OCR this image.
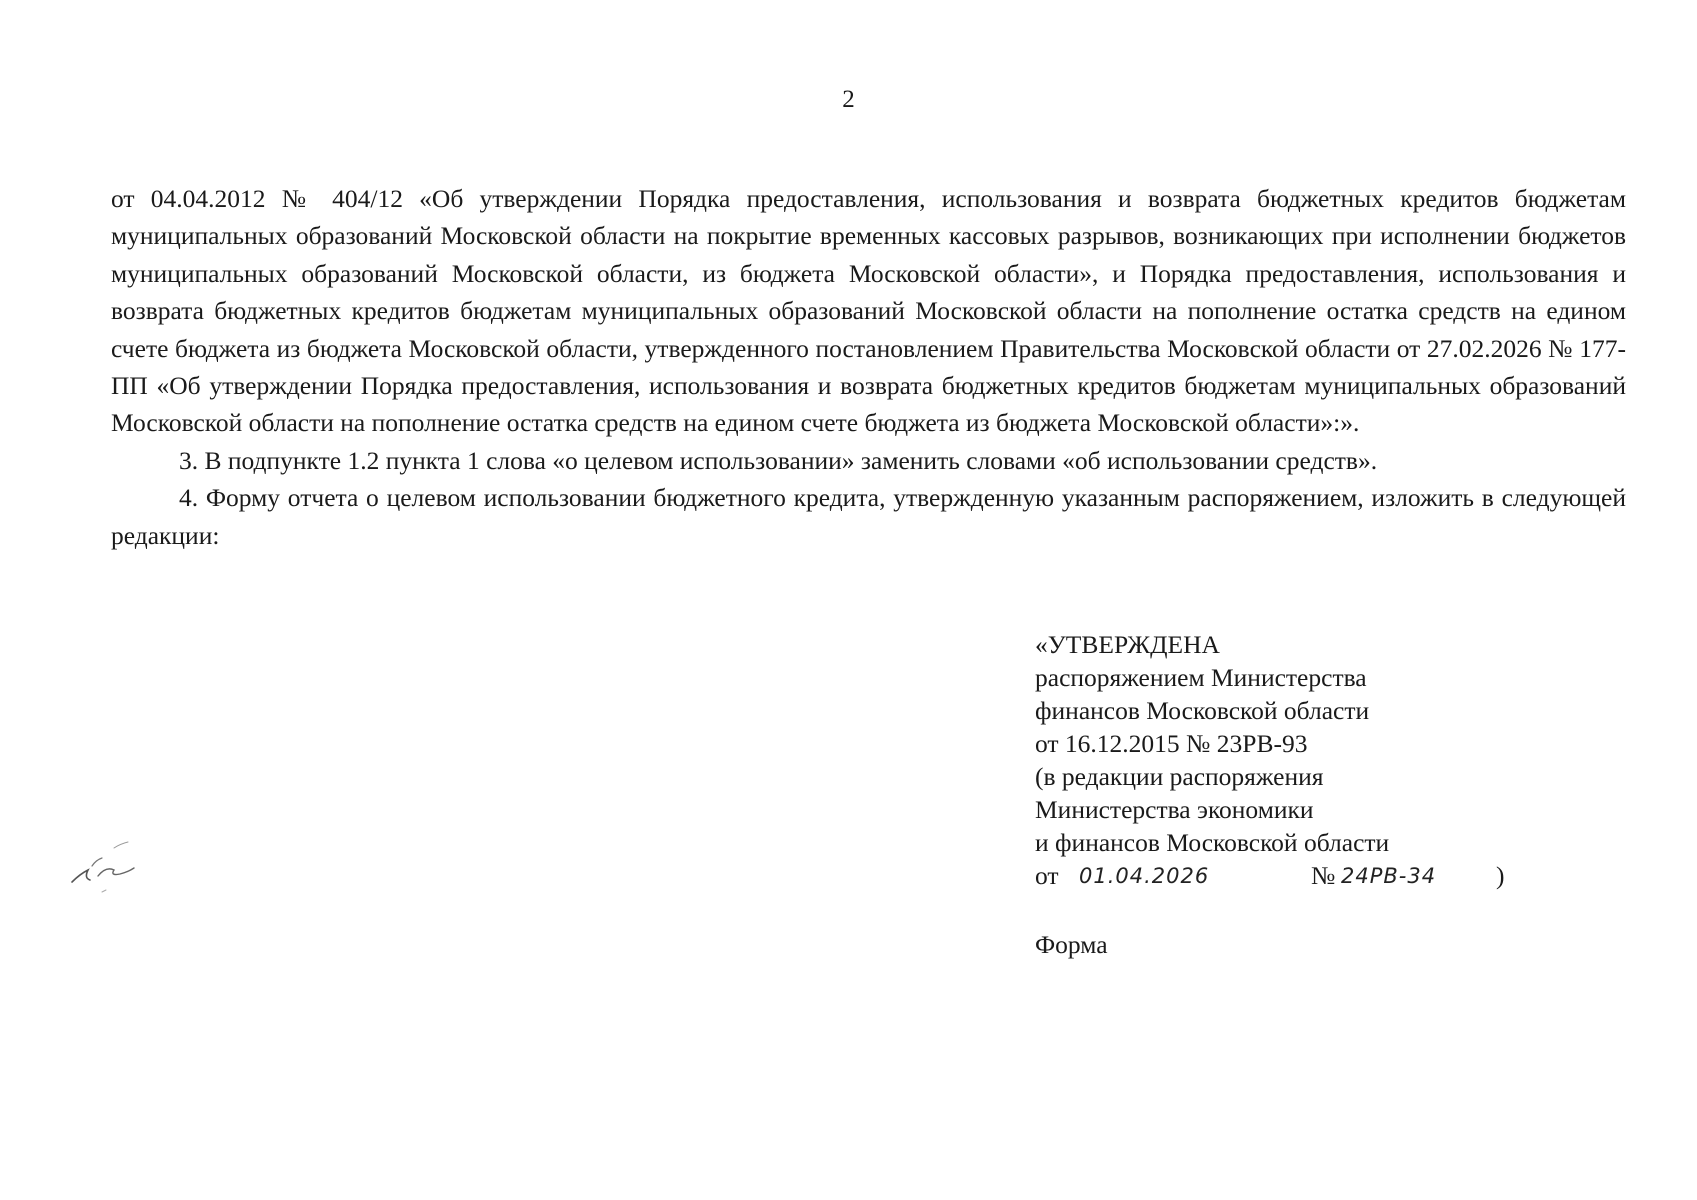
2

от 04.04.2012 № 404/12 «Об утверждении Порядка предоставления, использования и возврата бюджетных кредитов бюджетам муниципальных образований Московской области на покрытие временных кассовых разрывов, возникающих при исполнении бюджетов муниципальных образований Московской области, из бюджета Московской области», и Порядка предоставления, использования и возврата бюджетных кредитов бюджетам муниципальных образований Московской области на пополнение остатка средств на едином счете бюджета из бюджета Московской области, утвержденного постановлением Правительства Московской области от 27.02.2026 № 177-ПП «Об утверждении Порядка предоставления, использования и возврата бюджетных кредитов бюджетам муниципальных образований Московской области на пополнение остатка средств на едином счете бюджета из бюджета Московской области»:».

3. В подпункте 1.2 пункта 1 слова «о целевом использовании» заменить словами «об использовании средств».

4. Форму отчета о целевом использовании бюджетного кредита, утвержденную указанным распоряжением, изложить в следующей редакции:

«УТВЕРЖДЕНА
распоряжением Министерства
финансов Московской области
от 16.12.2015 № 23РВ-93
(в редакции распоряжения
Министерства экономики
и финансов Московской области
от 01.04.2026	№ 24РВ-34 )
Форма
